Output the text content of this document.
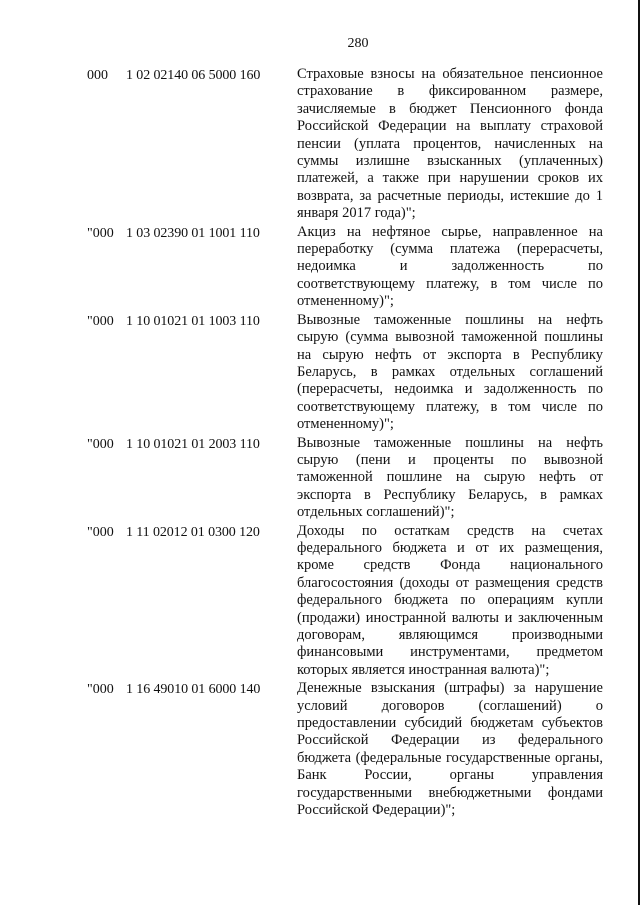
280
000 1 02 02140 06 5000 160	Страховые взносы на обязательное пенсионное страхование в фиксированном размере, зачисляемые в бюджет Пенсионного фонда Российской Федерации на выплату страховой пенсии (уплата процентов, начисленных на суммы излишне взысканных (уплаченных) платежей, а также при нарушении сроков их возврата, за расчетные периоды, истекшие до 1 января 2017 года)";
"000 1 03 02390 01 1001 110	Акциз на нефтяное сырье, направленное на переработку (сумма платежа (перерасчеты, недоимка и задолженность по соответствующему платежу, в том числе по отмененному)";
"000 1 10 01021 01 1003 110	Вывозные таможенные пошлины на нефть сырую (сумма вывозной таможенной пошлины на сырую нефть от экспорта в Республику Беларусь, в рамках отдельных соглашений (перерасчеты, недоимка и задолженность по соответствующему платежу, в том числе по отмененному)";
"000 1 10 01021 01 2003 110	Вывозные таможенные пошлины на нефть сырую (пени и проценты по вывозной таможенной пошлине на сырую нефть от экспорта в Республику Беларусь, в рамках отдельных соглашений)";
"000 1 11 02012 01 0300 120	Доходы по остаткам средств на счетах федерального бюджета и от их размещения, кроме средств Фонда национального благосостояния (доходы от размещения средств федерального бюджета по операциям купли (продажи) иностранной валюты и заключенным договорам, являющимся производными финансовыми инструментами, предметом которых является иностранная валюта)";
"000 1 16 49010 01 6000 140	Денежные взыскания (штрафы) за нарушение условий договоров (соглашений) о предоставлении субсидий бюджетам субъектов Российской Федерации из федерального бюджета (федеральные государственные органы, Банк России, органы управления государственными внебюджетными фондами Российской Федерации)";
